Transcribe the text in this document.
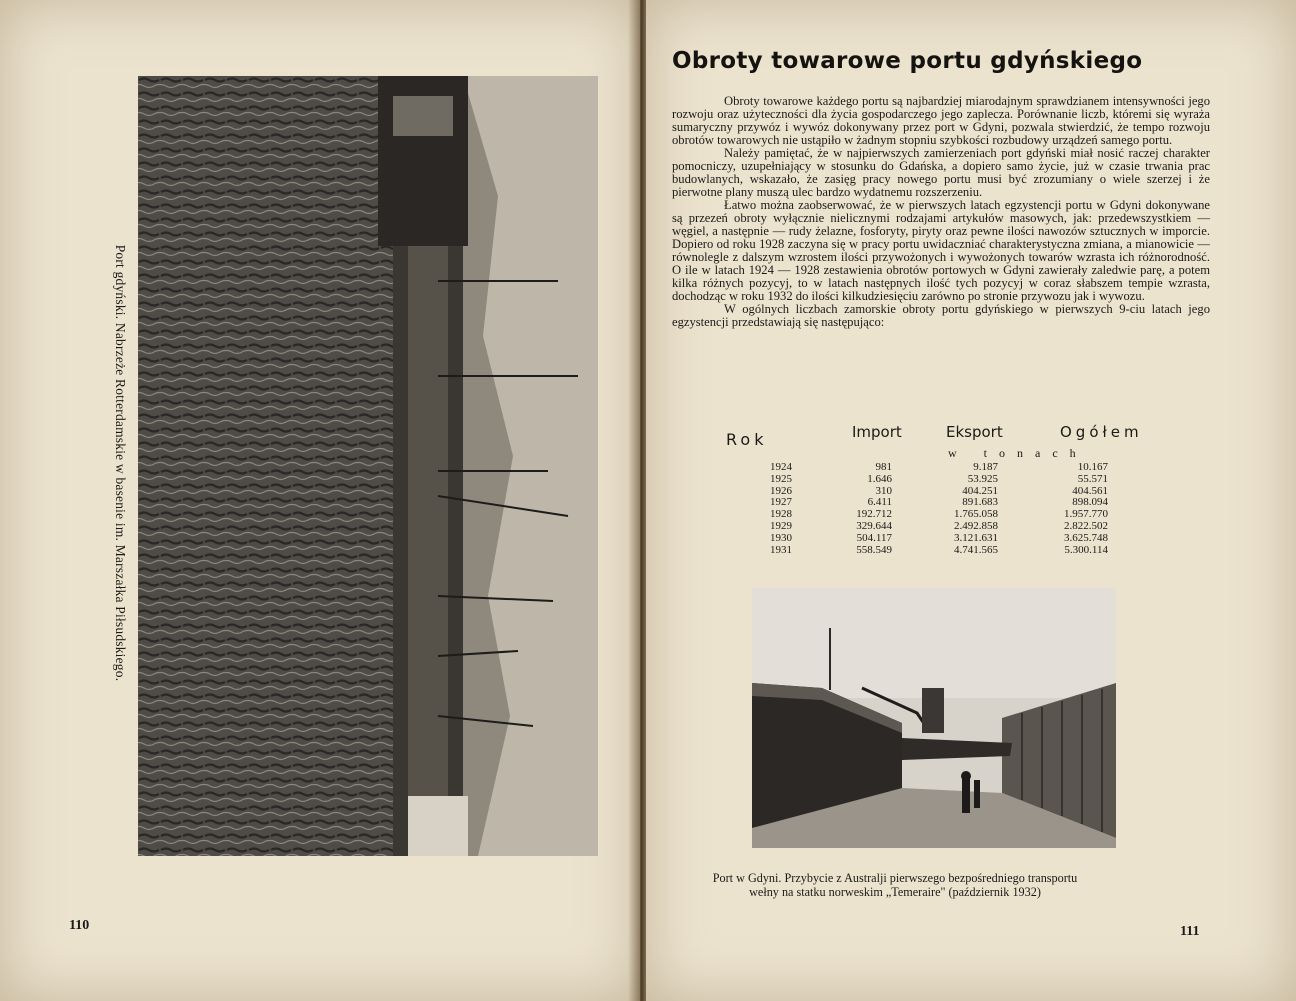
Port gdyński. Nabrzeże Rotterdamskie w basenie im. Marszałka Piłsudskiego.
110
Obroty towarowe portu gdyńskiego

Obroty towarowe każdego portu są najbardziej miarodajnym sprawdzianem intensywności jego rozwoju oraz użyteczności dla życia gospodarczego jego zaplecza. Porównanie liczb, któremi się wyraża sumaryczny przywóz i wywóz dokonywany przez port w Gdyni, pozwala stwierdzić, że tempo rozwoju obrotów towarowych nie ustąpiło w żadnym stopniu szybkości rozbudowy urządzeń samego portu.

Należy pamiętać, że w najpierwszych zamierzeniach port gdyński miał nosić raczej charakter pomocniczy, uzupełniający w stosunku do Gdańska, a dopiero samo życie, już w czasie trwania prac budowlanych, wskazało, że zasięg pracy nowego portu musi być zrozumiany o wiele szerzej i że pierwotne plany muszą ulec bardzo wydatnemu rozszerzeniu.

Łatwo można zaobserwować, że w pierwszych latach egzystencji portu w Gdyni dokonywane są przezeń obroty wyłącznie nielicznymi rodzajami artykułów masowych, jak: przedewszystkiem — węgiel, a następnie — rudy żelazne, fosforyty, piryty oraz pewne ilości nawozów sztucznych w imporcie. Dopiero od roku 1928 zaczyna się w pracy portu uwidaczniać charakterystyczna zmiana, a mianowicie — równolegle z dalszym wzrostem ilości przywożonych i wywożonych towarów wzrasta ich różnorodność. O ile w latach 1924 — 1928 zestawienia obrotów portowych w Gdyni zawierały zaledwie parę, a potem kilka różnych pozycyj, to w latach następnych ilość tych pozycyj w coraz słabszem tempie wzrasta, dochodząc w roku 1932 do ilości kilkudziesięciu zarówno po stronie przywozu jak i wywozu.

W ogólnych liczbach zamorskie obroty portu gdyńskiego w pierwszych 9-ciu latach jego egzystencji przedstawiają się następująco:

Rok	Import	Eksport	Ogółem
w tonach
1924	981	9.187	10.167
1925	1.646	53.925	55.571
1926	310	404.251	404.561
1927	6.411	891.683	898.094
1928	192.712	1.765.058	1.957.770
1929	329.644	2.492.858	2.822.502
1930	504.117	3.121.631	3.625.748
1931	558.549	4.741.565	5.300.114
Port w Gdyni. Przybycie z Australji pierwszego bezpośredniego transportu
wełny na statku norweskim „Temeraire" (październik 1932)
111
